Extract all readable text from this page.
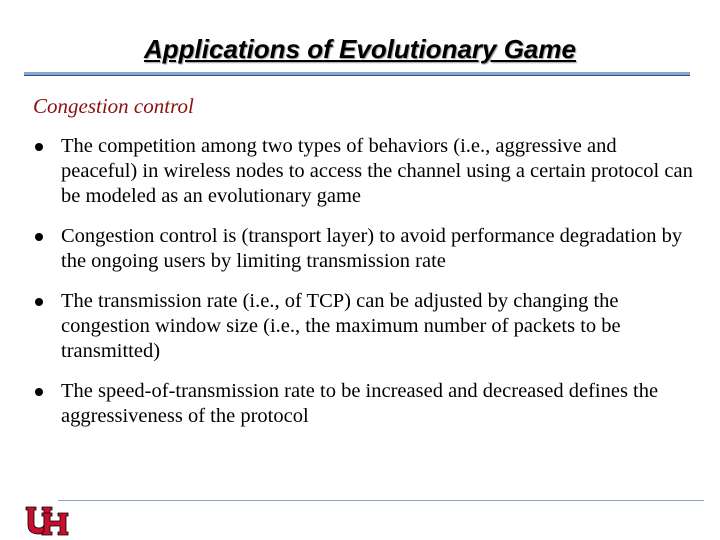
Applications of Evolutionary Game
Congestion control
The competition among two types of behaviors (i.e., aggressive and peaceful) in wireless nodes to access the channel using a certain protocol can be modeled as an evolutionary game
Congestion control is (transport layer) to avoid performance degradation by the ongoing users by limiting transmission rate
The transmission rate (i.e., of TCP) can be adjusted by changing the congestion window size (i.e., the maximum number of packets to be transmitted)
The speed-of-transmission rate to be increased and decreased defines the aggressiveness of the protocol
